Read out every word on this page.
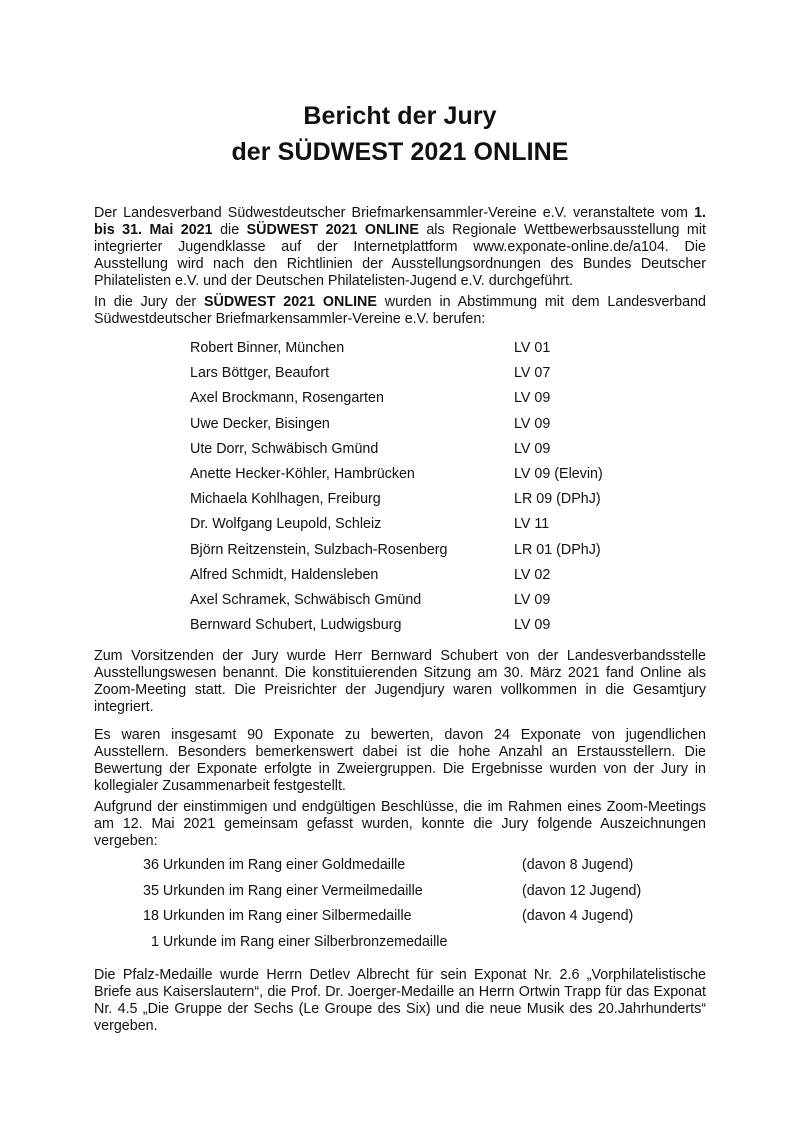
Bericht der Jury
der SÜDWEST 2021 ONLINE

Der Landesverband Südwestdeutscher Briefmarkensammler-Vereine e.V. veranstaltete vom 1. bis 31. Mai 2021 die SÜDWEST 2021 ONLINE als Regionale Wettbewerbsausstellung mit integrierter Jugendklasse auf der Internetplattform www.exponate-online.de/a104. Die Ausstellung wird nach den Richtlinien der Ausstellungsordnungen des Bundes Deutscher Philatelisten e.V. und der Deutschen Philatelisten-Jugend e.V. durchgeführt.

In die Jury der SÜDWEST 2021 ONLINE wurden in Abstimmung mit dem Landesverband Südwestdeutscher Briefmarkensammler-Vereine e.V. berufen:

Robert Binner, München	LV 01
Lars Böttger, Beaufort	LV 07
Axel Brockmann, Rosengarten	LV 09
Uwe Decker, Bisingen	LV 09
Ute Dorr, Schwäbisch Gmünd	LV 09
Anette Hecker-Köhler, Hambrücken	LV 09 (Elevin)
Michaela Kohlhagen, Freiburg	LR 09 (DPhJ)
Dr. Wolfgang Leupold, Schleiz	LV 11
Björn Reitzenstein, Sulzbach-Rosenberg	LR 01 (DPhJ)
Alfred Schmidt, Haldensleben	LV 02
Axel Schramek, Schwäbisch Gmünd	LV 09
Bernward Schubert, Ludwigsburg	LV 09

Zum Vorsitzenden der Jury wurde Herr Bernward Schubert von der Landesverbandsstelle Ausstellungswesen benannt. Die konstituierenden Sitzung am 30. März 2021 fand Online als Zoom-Meeting statt. Die Preisrichter der Jugendjury waren vollkommen in die Gesamtjury integriert.

Es waren insgesamt 90 Exponate zu bewerten, davon 24 Exponate von jugendlichen Ausstellern. Besonders bemerkenswert dabei ist die hohe Anzahl an Erstausstellern. Die Bewertung der Exponate erfolgte in Zweiergruppen. Die Ergebnisse wurden von der Jury in kollegialer Zusammenarbeit festgestellt.

Aufgrund der einstimmigen und endgültigen Beschlüsse, die im Rahmen eines Zoom-Meetings am 12. Mai 2021 gemeinsam gefasst wurden, konnte die Jury folgende Auszeichnungen vergeben:

36 Urkunden im Rang einer Goldmedaille	(davon 8 Jugend)
35 Urkunden im Rang einer Vermeilmedaille	(davon 12 Jugend)
18 Urkunden im Rang einer Silbermedaille	(davon 4 Jugend)
1 Urkunde im Rang einer Silberbronzemedaille

Die Pfalz-Medaille wurde Herrn Detlev Albrecht für sein Exponat Nr. 2.6 „Vorphilatelistische Briefe aus Kaiserslautern“, die Prof. Dr. Joerger-Medaille an Herrn Ortwin Trapp für das Exponat Nr. 4.5 „Die Gruppe der Sechs (Le Groupe des Six) und die neue Musik des 20.Jahrhunderts“ vergeben.
